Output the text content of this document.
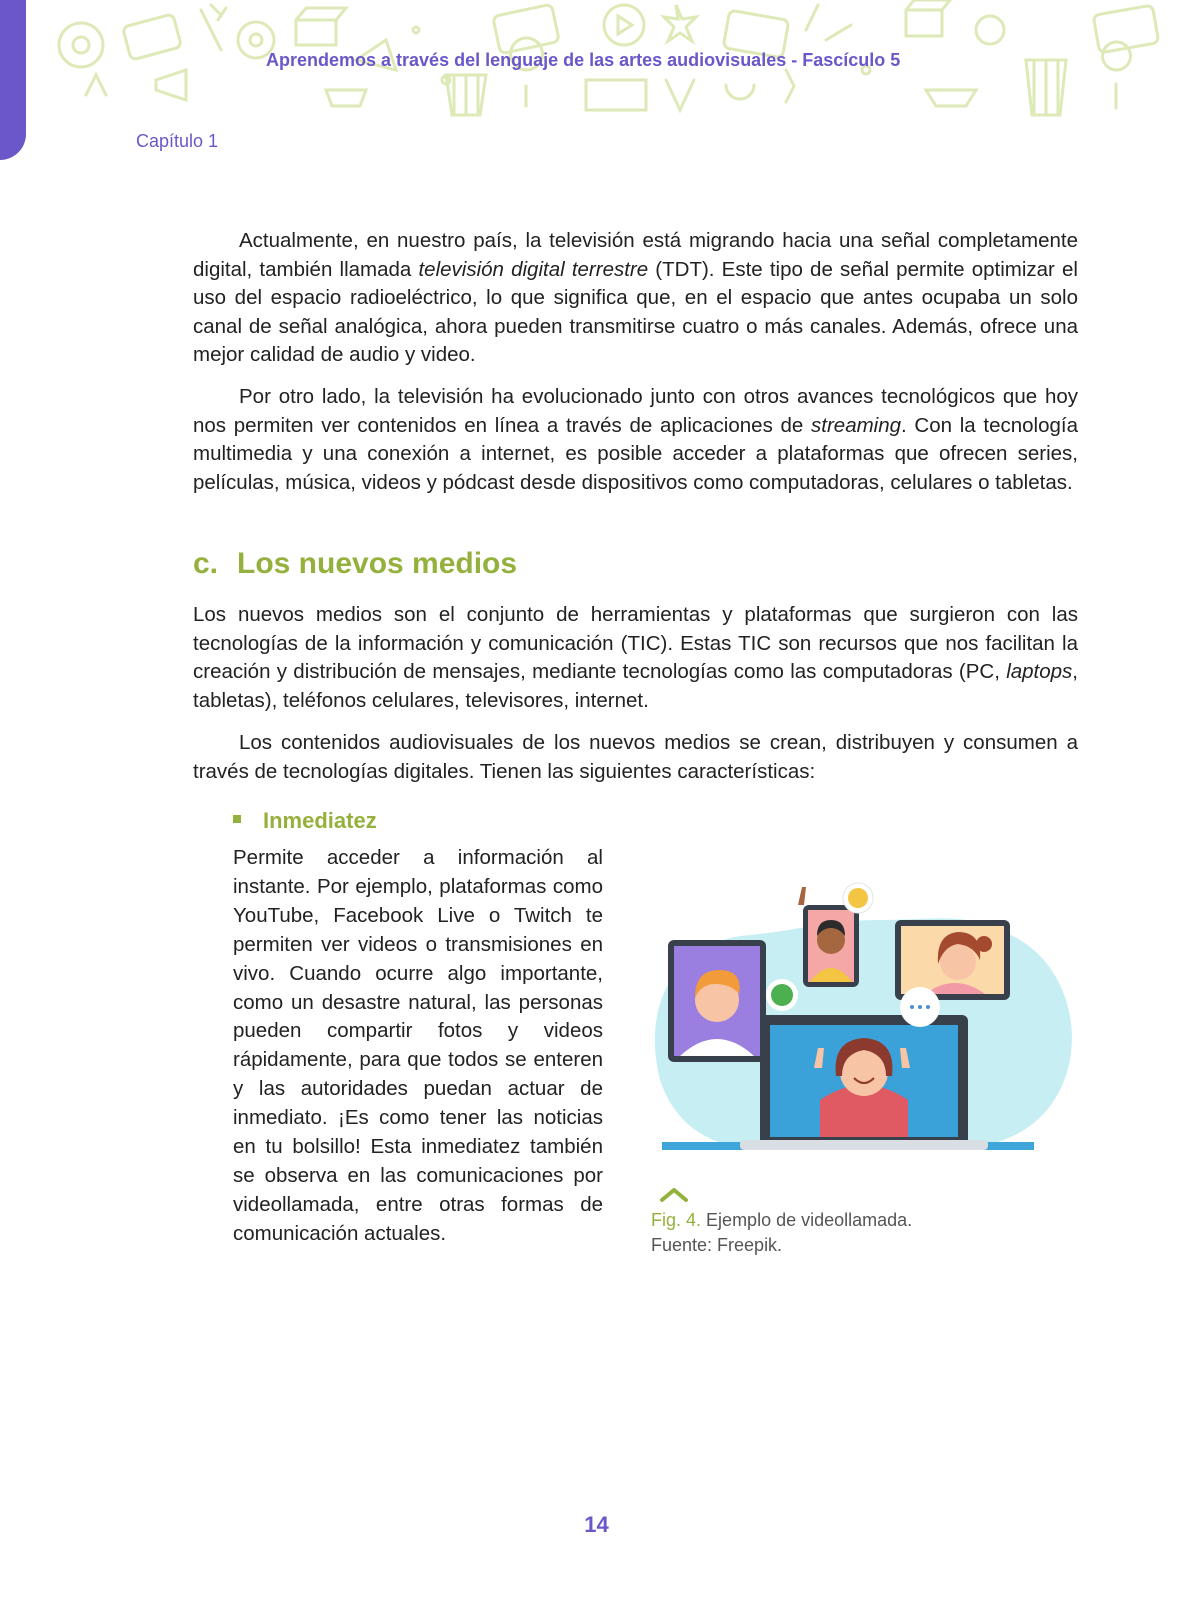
Aprendemos a través del lenguaje de las artes audiovisuales - Fascículo 5
Capítulo 1

Actualmente, en nuestro país, la televisión está migrando hacia una señal completamente digital, también llamada televisión digital terrestre (TDT). Este tipo de señal permite optimizar el uso del espacio radioeléctrico, lo que significa que, en el espacio que antes ocupaba un solo canal de señal analógica, ahora pueden transmitirse cuatro o más canales. Además, ofrece una mejor calidad de audio y video.

Por otro lado, la televisión ha evolucionado junto con otros avances tecnológicos que hoy nos permiten ver contenidos en línea a través de aplicaciones de streaming. Con la tecnología multimedia y una conexión a internet, es posible acceder a plataformas que ofrecen series, películas, música, videos y pódcast desde dispositivos como computadoras, celulares o tabletas.

c. Los nuevos medios

Los nuevos medios son el conjunto de herramientas y plataformas que surgieron con las tecnologías de la información y comunicación (TIC). Estas TIC son recursos que nos facilitan la creación y distribución de mensajes, mediante tecnologías como las computadoras (PC, laptops, tabletas), teléfonos celulares, televisores, internet.

Los contenidos audiovisuales de los nuevos medios se crean, distribuyen y consumen a través de tecnologías digitales. Tienen las siguientes características:

Inmediatez

Permite acceder a información al instante. Por ejemplo, plataformas como YouTube, Facebook Live o Twitch te permiten ver videos o transmisiones en vivo. Cuando ocurre algo importante, como un desastre natural, las personas pueden compartir fotos y videos rápidamente, para que todos se enteren y las autoridades puedan actuar de inmediato. ¡Es como tener las noticias en tu bolsillo! Esta inmediatez también se observa en las comunicaciones por videollamada, entre otras formas de comunicación actuales.

Fig. 4. Ejemplo de videollamada.
Fuente: Freepik.

14
